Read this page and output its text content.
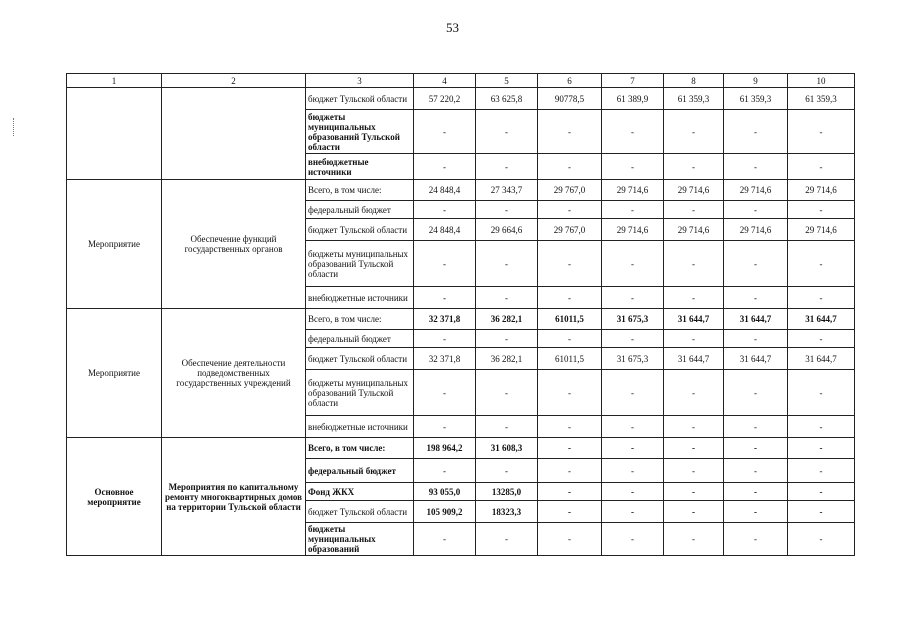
53
1	2	3	4	5	6	7	8	9	10
		бюджет Тульской области	57 220,2	63 625,8	90778,5	61 389,9	61 359,3	61 359,3	61 359,3
		бюджеты муниципальных образований Тульской области	-	-	-	-	-	-	-
		внебюджетные источники	-	-	-	-	-	-	-
Мероприятие	Обеспечение функций государственных органов	Всего, в том числе:	24 848,4	27 343,7	29 767,0	29 714,6	29 714,6	29 714,6	29 714,6
		федеральный бюджет	-	-	-	-	-	-	-
		бюджет Тульской области	24 848,4	29 664,6	29 767,0	29 714,6	29 714,6	29 714,6	29 714,6
		бюджеты муниципальных образований Тульской области	-	-	-	-	-	-	-
		внебюджетные источники	-	-	-	-	-	-	-
Мероприятие	Обеспечение деятельности подведомственных государственных учреждений	Всего, в том числе:	32 371,8	36 282,1	61011,5	31 675,3	31 644,7	31 644,7	31 644,7
		федеральный бюджет	-	-	-	-	-	-	-
		бюджет Тульской области	32 371,8	36 282,1	61011,5	31 675,3	31 644,7	31 644,7	31 644,7
		бюджеты муниципальных образований Тульской области	-	-	-	-	-	-	-
		внебюджетные источники	-	-	-	-	-	-	-
Основное мероприятие	Мероприятия по капитальному ремонту многоквартирных домов на территории Тульской области	Всего, в том числе:	198 964,2	31 608,3	-	-	-	-	-
		федеральный бюджет	-	-	-	-	-	-	-
		Фонд ЖКХ	93 055,0	13285,0	-	-	-	-	-
		бюджет Тульской области	105 909,2	18323,3	-	-	-	-	-
		бюджеты муниципальных образований	-	-	-	-	-	-	-
